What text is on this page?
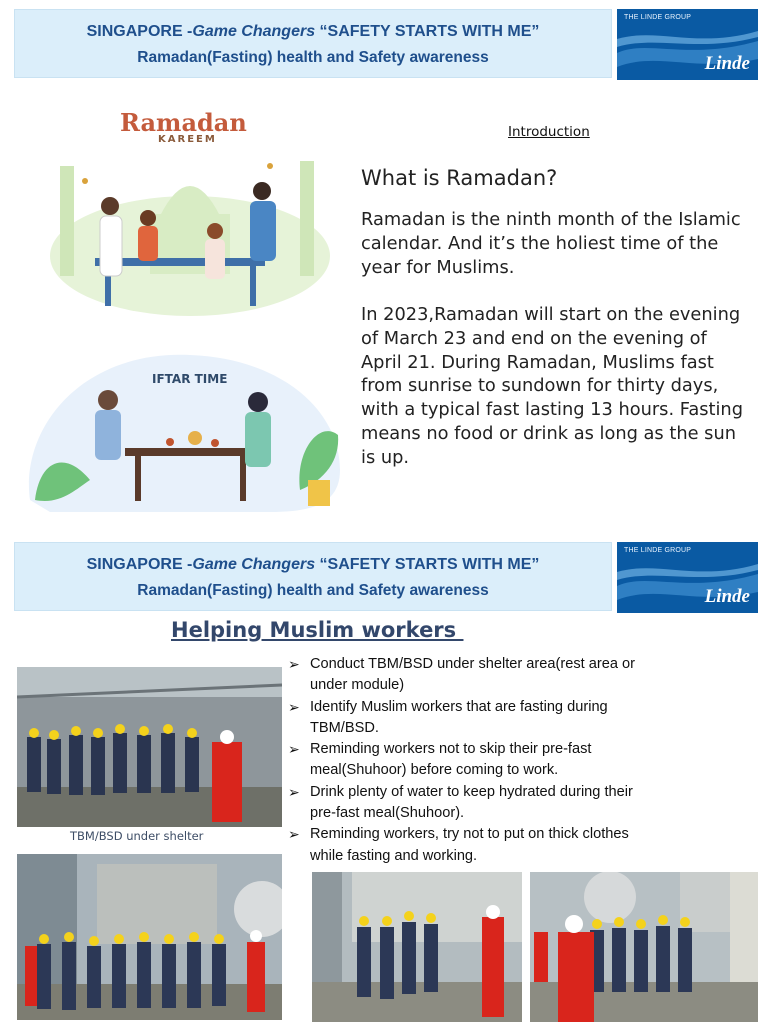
SINGAPORE -Game Changers “SAFETY STARTS WITH ME”
Ramadan(Fasting) health and Safety awareness
THE LINDE GROUP
Linde
Ramadan
KAREEM
IFTAR TIME
Introduction
What is Ramadan?
Ramadan is the ninth month of the Islamic calendar. And it’s the holiest time of the year for Muslims.
In 2023,Ramadan will start on the evening of March 23 and end on the evening of April 21. During Ramadan, Muslims fast from sunrise to sundown for thirty days, with a typical fast lasting 13 hours. Fasting means no food or drink as long as the sun is up.
SINGAPORE -Game Changers “SAFETY STARTS WITH ME”
Ramadan(Fasting) health and Safety awareness
THE LINDE GROUP
Linde
Helping Muslim workers
➢ Conduct TBM/BSD under shelter area(rest area or under module)
➢ Identify Muslim workers that are fasting during TBM/BSD.
➢ Reminding workers not to skip their pre-fast meal(Shuhoor) before coming to work.
➢ Drink plenty of water to keep hydrated during their pre-fast meal(Shuhoor).
➢ Reminding workers, try not to put on thick clothes while fasting and working.
TBM/BSD under shelter
